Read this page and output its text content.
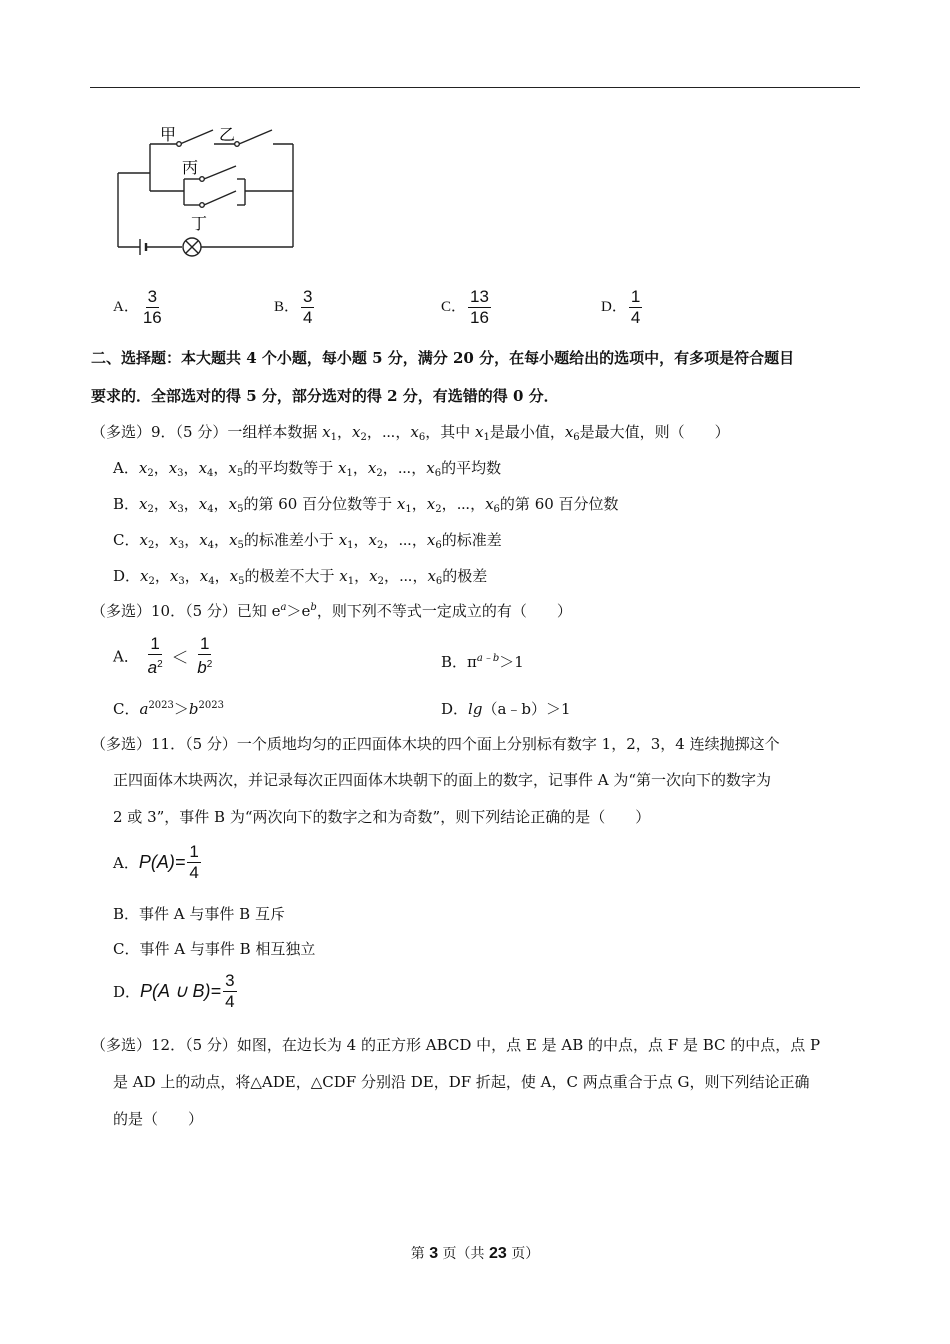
甲	乙
丙
丁
A． $\frac{3}{16}$	B． $\frac{3}{4}$	C． $\frac{13}{16}$	D． $\frac{1}{4}$
二、选择题：本大题共 4 个小题，每小题 5 分，满分 20 分，在每小题给出的选项中，有多项是符合题目
要求的．全部选对的得 5 分，部分选对的得 2 分，有选错的得 0 分．
（多选）9．（5 分）一组样本数据 $x_1$，$x_2$，⋯，$x_6$，其中 $x_1$是最小值，$x_6$是最大值，则（　　）
A．$x_2$，$x_3$，$x_4$，$x_5$的平均数等于 $x_1$，$x_2$，⋯，$x_6$的平均数
B．$x_2$，$x_3$，$x_4$，$x_5$的第 60 百分位数等于 $x_1$，$x_2$，⋯，$x_6$的第 60 百分位数
C．$x_2$，$x_3$，$x_4$，$x_5$的标准差小于 $x_1$，$x_2$，⋯，$x_6$的标准差
D．$x_2$，$x_3$，$x_4$，$x_5$的极差不大于 $x_1$，$x_2$，⋯，$x_6$的极差
（多选）10．（5 分）已知 $e^a>e^b$，则下列不等式一定成立的有（　　）
A． $\frac{1}{a^2} < \frac{1}{b^2}$	B．$\pi^{a﹣b}>1$
C．$a^{2023}>b^{2023}$	D．lg（a﹣b）＞1
（多选）11．（5 分）一个质地均匀的正四面体木块的四个面上分别标有数字 1，2，3，4 连续抛掷这个
正四面体木块两次，并记录每次正四面体木块朝下的面上的数字，记事件 A 为“第一次向下的数字为
2 或 3”，事件 B 为“两次向下的数字之和为奇数”，则下列结论正确的是（　　）
A．$P(A)= \frac{1}{4}$
B．事件 A 与事件 B 互斥
C．事件 A 与事件 B 相互独立
D．P(A ∪ $B)= \frac{3}{4}$
（多选）12．（5 分）如图，在边长为 4 的正方形 ABCD 中，点 E 是 AB 的中点，点 F 是 BC 的中点，点 P
是 AD 上的动点，将△ADE，△CDF 分别沿 DE，DF 折起，使 A，C 两点重合于点 G，则下列结论正确
的是（　　）
第 3 页（共 23 页）
